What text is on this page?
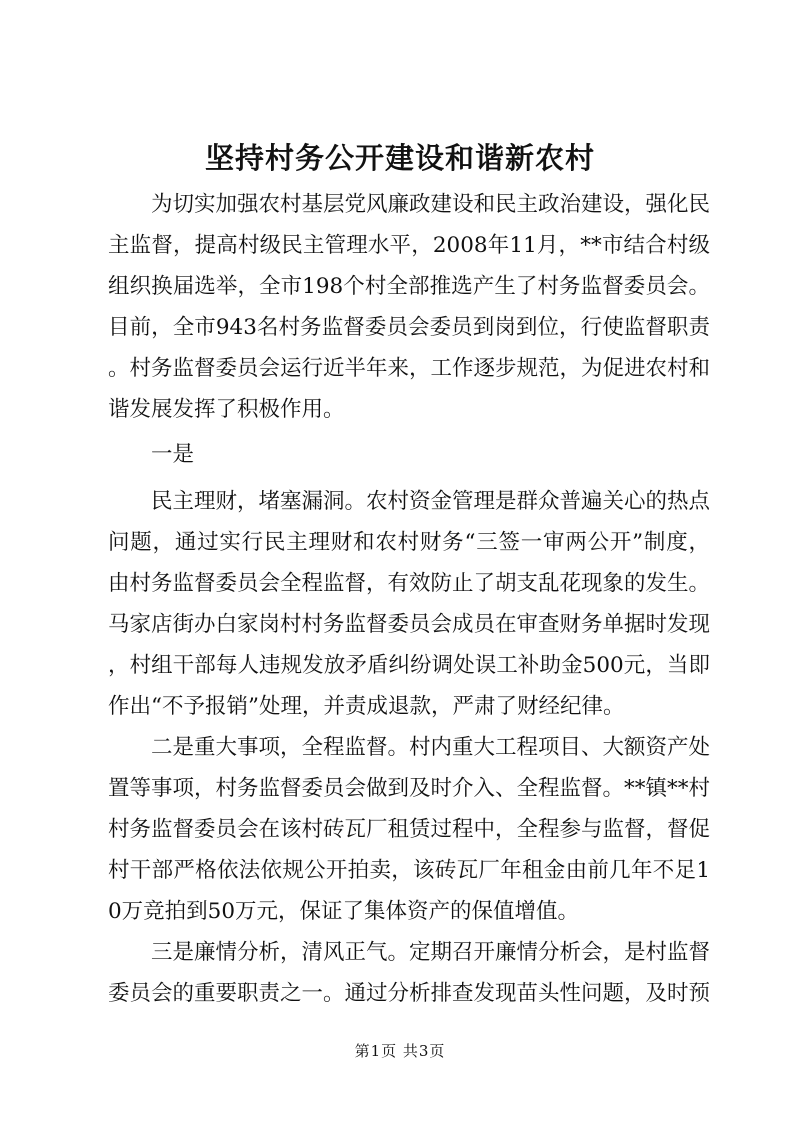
坚持村务公开建设和谐新农村

为切实加强农村基层党风廉政建设和民主政治建设，强化民主监督，提高村级民主管理水平，2008年11月，**市结合村级组织换届选举，全市198个村全部推选产生了村务监督委员会。目前，全市943名村务监督委员会委员到岗到位，行使监督职责。村务监督委员会运行近半年来，工作逐步规范，为促进农村和谐发展发挥了积极作用。

一是

民主理财，堵塞漏洞。农村资金管理是群众普遍关心的热点问题，通过实行民主理财和农村财务“三签一审两公开”制度，由村务监督委员会全程监督，有效防止了胡支乱花现象的发生。马家店街办白家岗村村务监督委员会成员在审查财务单据时发现，村组干部每人违规发放矛盾纠纷调处误工补助金500元，当即作出“不予报销”处理，并责成退款，严肃了财经纪律。

二是重大事项，全程监督。村内重大工程项目、大额资产处置等事项，村务监督委员会做到及时介入、全程监督。**镇**村村务监督委员会在该村砖瓦厂租赁过程中，全程参与监督，督促村干部严格依法依规公开拍卖，该砖瓦厂年租金由前几年不足10万竞拍到50万元，保证了集体资产的保值增值。

三是廉情分析，清风正气。定期召开廉情分析会，是村监督委员会的重要职责之一。通过分析排查发现苗头性问题，及时预

第1页 共3页
